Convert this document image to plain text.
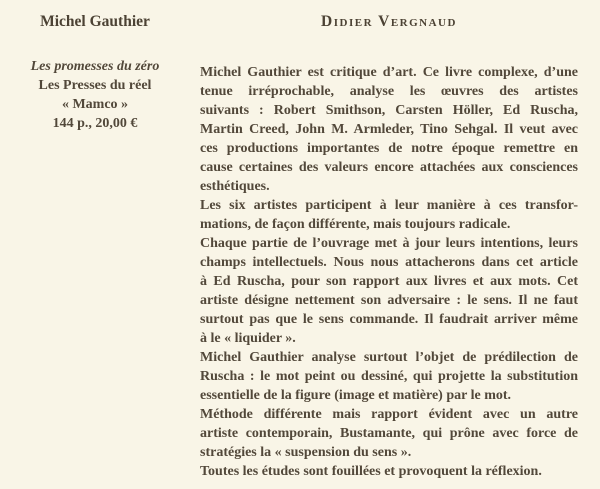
Michel Gauthier
Les promesses du zéro
Les Presses du réel
« Mamco »
144 p., 20,00 €
Didier Vergnaud
Michel Gauthier est critique d’art. Ce livre complexe, d’une
tenue irréprochable, analyse les œuvres des artistes
suivants : Robert Smithson, Carsten Höller, Ed Ruscha,
Martin Creed, John M. Armleder, Tino Sehgal. Il veut avec
ces productions importantes de notre époque remettre en
cause certaines des valeurs encore attachées aux consciences
esthétiques.
Les six artistes participent à leur manière à ces transfor-
mations, de façon différente, mais toujours radicale.
Chaque partie de l’ouvrage met à jour leurs intentions, leurs
champs intellectuels. Nous nous attacherons dans cet article
à Ed Ruscha, pour son rapport aux livres et aux mots. Cet
artiste désigne nettement son adversaire : le sens. Il ne faut
surtout pas que le sens commande. Il faudrait arriver même
à le « liquider ».
Michel Gauthier analyse surtout l’objet de prédilection de
Ruscha : le mot peint ou dessiné, qui projette la substitution
essentielle de la figure (image et matière) par le mot.
Méthode différente mais rapport évident avec un autre
artiste contemporain, Bustamante, qui prône avec force de
stratégies la « suspension du sens ».
Toutes les études sont fouillées et provoquent la réflexion.
